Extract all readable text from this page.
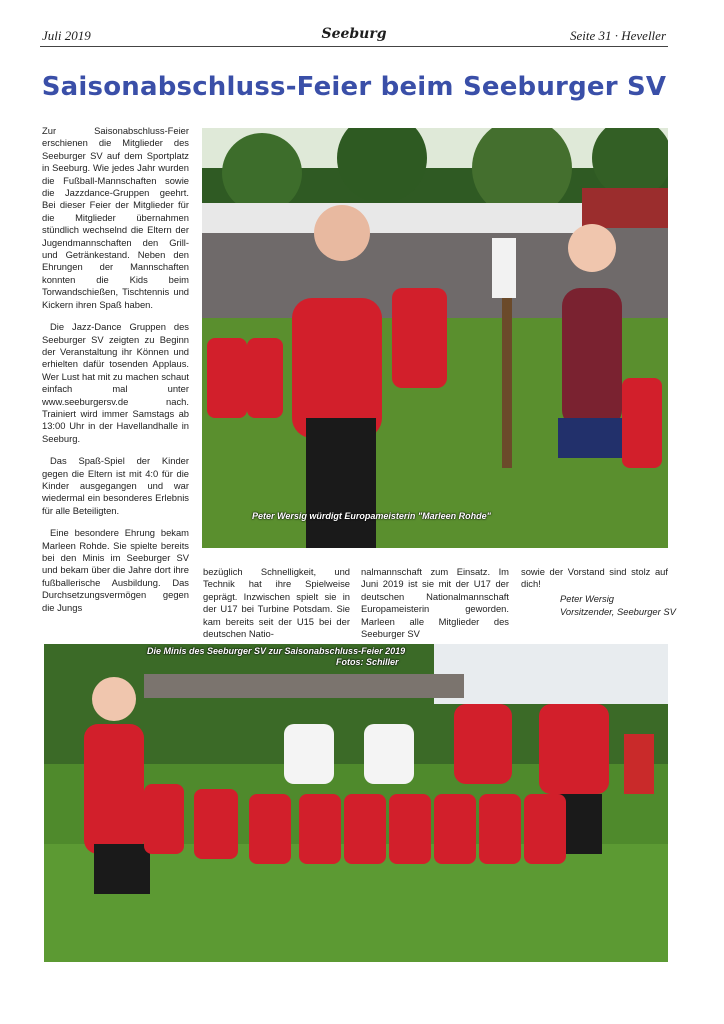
Juli 2019	Seeburg	Seite 31 · Heveller
Saisonabschluss-Feier beim Seeburger SV

Zur Saisonabschluss-Feier erschienen die Mitglieder des Seeburger SV auf dem Sportplatz in Seeburg. Wie jedes Jahr wurden die Fußball-Mannschaften sowie die Jazzdance-Gruppen geehrt. Bei dieser Feier der Mitglieder für die Mitglieder übernahmen stündlich wechselnd die Eltern der Jugendmannschaften den Grill- und Getränkestand. Neben den Ehrungen der Mannschaften konnten die Kids beim Torwandschießen, Tischtennis und Kickern ihren Spaß haben.

Die Jazz-Dance Gruppen des Seeburger SV zeigten zu Beginn der Veranstaltung ihr Können und erhielten dafür tosenden Applaus. Wer Lust hat mit zu machen schaut einfach mal unter www.seeburgersv.de nach. Trainiert wird immer Samstags ab 13:00 Uhr in der Havellandhalle in Seeburg.

Das Spaß-Spiel der Kinder gegen die Eltern ist mit 4:0 für die Kinder ausgegangen und war wiedermal ein besonderes Erlebnis für alle Beteiligten.

Eine besondere Ehrung bekam Marleen Rohde. Sie spielte bereits bei den Minis im Seeburger SV und bekam über die Jahre dort ihre fußballerische Ausbildung. Das Durchsetzungsvermögen gegen die Jungs

Peter Wersig würdigt Europameisterin "Marleen Rohde"
bezüglich Schnelligkeit, und Technik hat ihre Spielweise geprägt. Inzwischen spielt sie in der U17 bei Turbine Potsdam. Sie kam bereits seit der U15 bei der deutschen Natio-
nalmannschaft zum Einsatz. Im Juni 2019 ist sie mit der U17 der deutschen Nationalmannschaft Europameisterin geworden. Marleen alle Mitglieder des Seeburger SV
sowie der Vorstand sind stolz auf dich!
Peter Wersig
Vorsitzender, Seeburger SV
Die Minis des Seeburger SV zur Saisonabschluss-Feier 2019
Fotos: Schiller
